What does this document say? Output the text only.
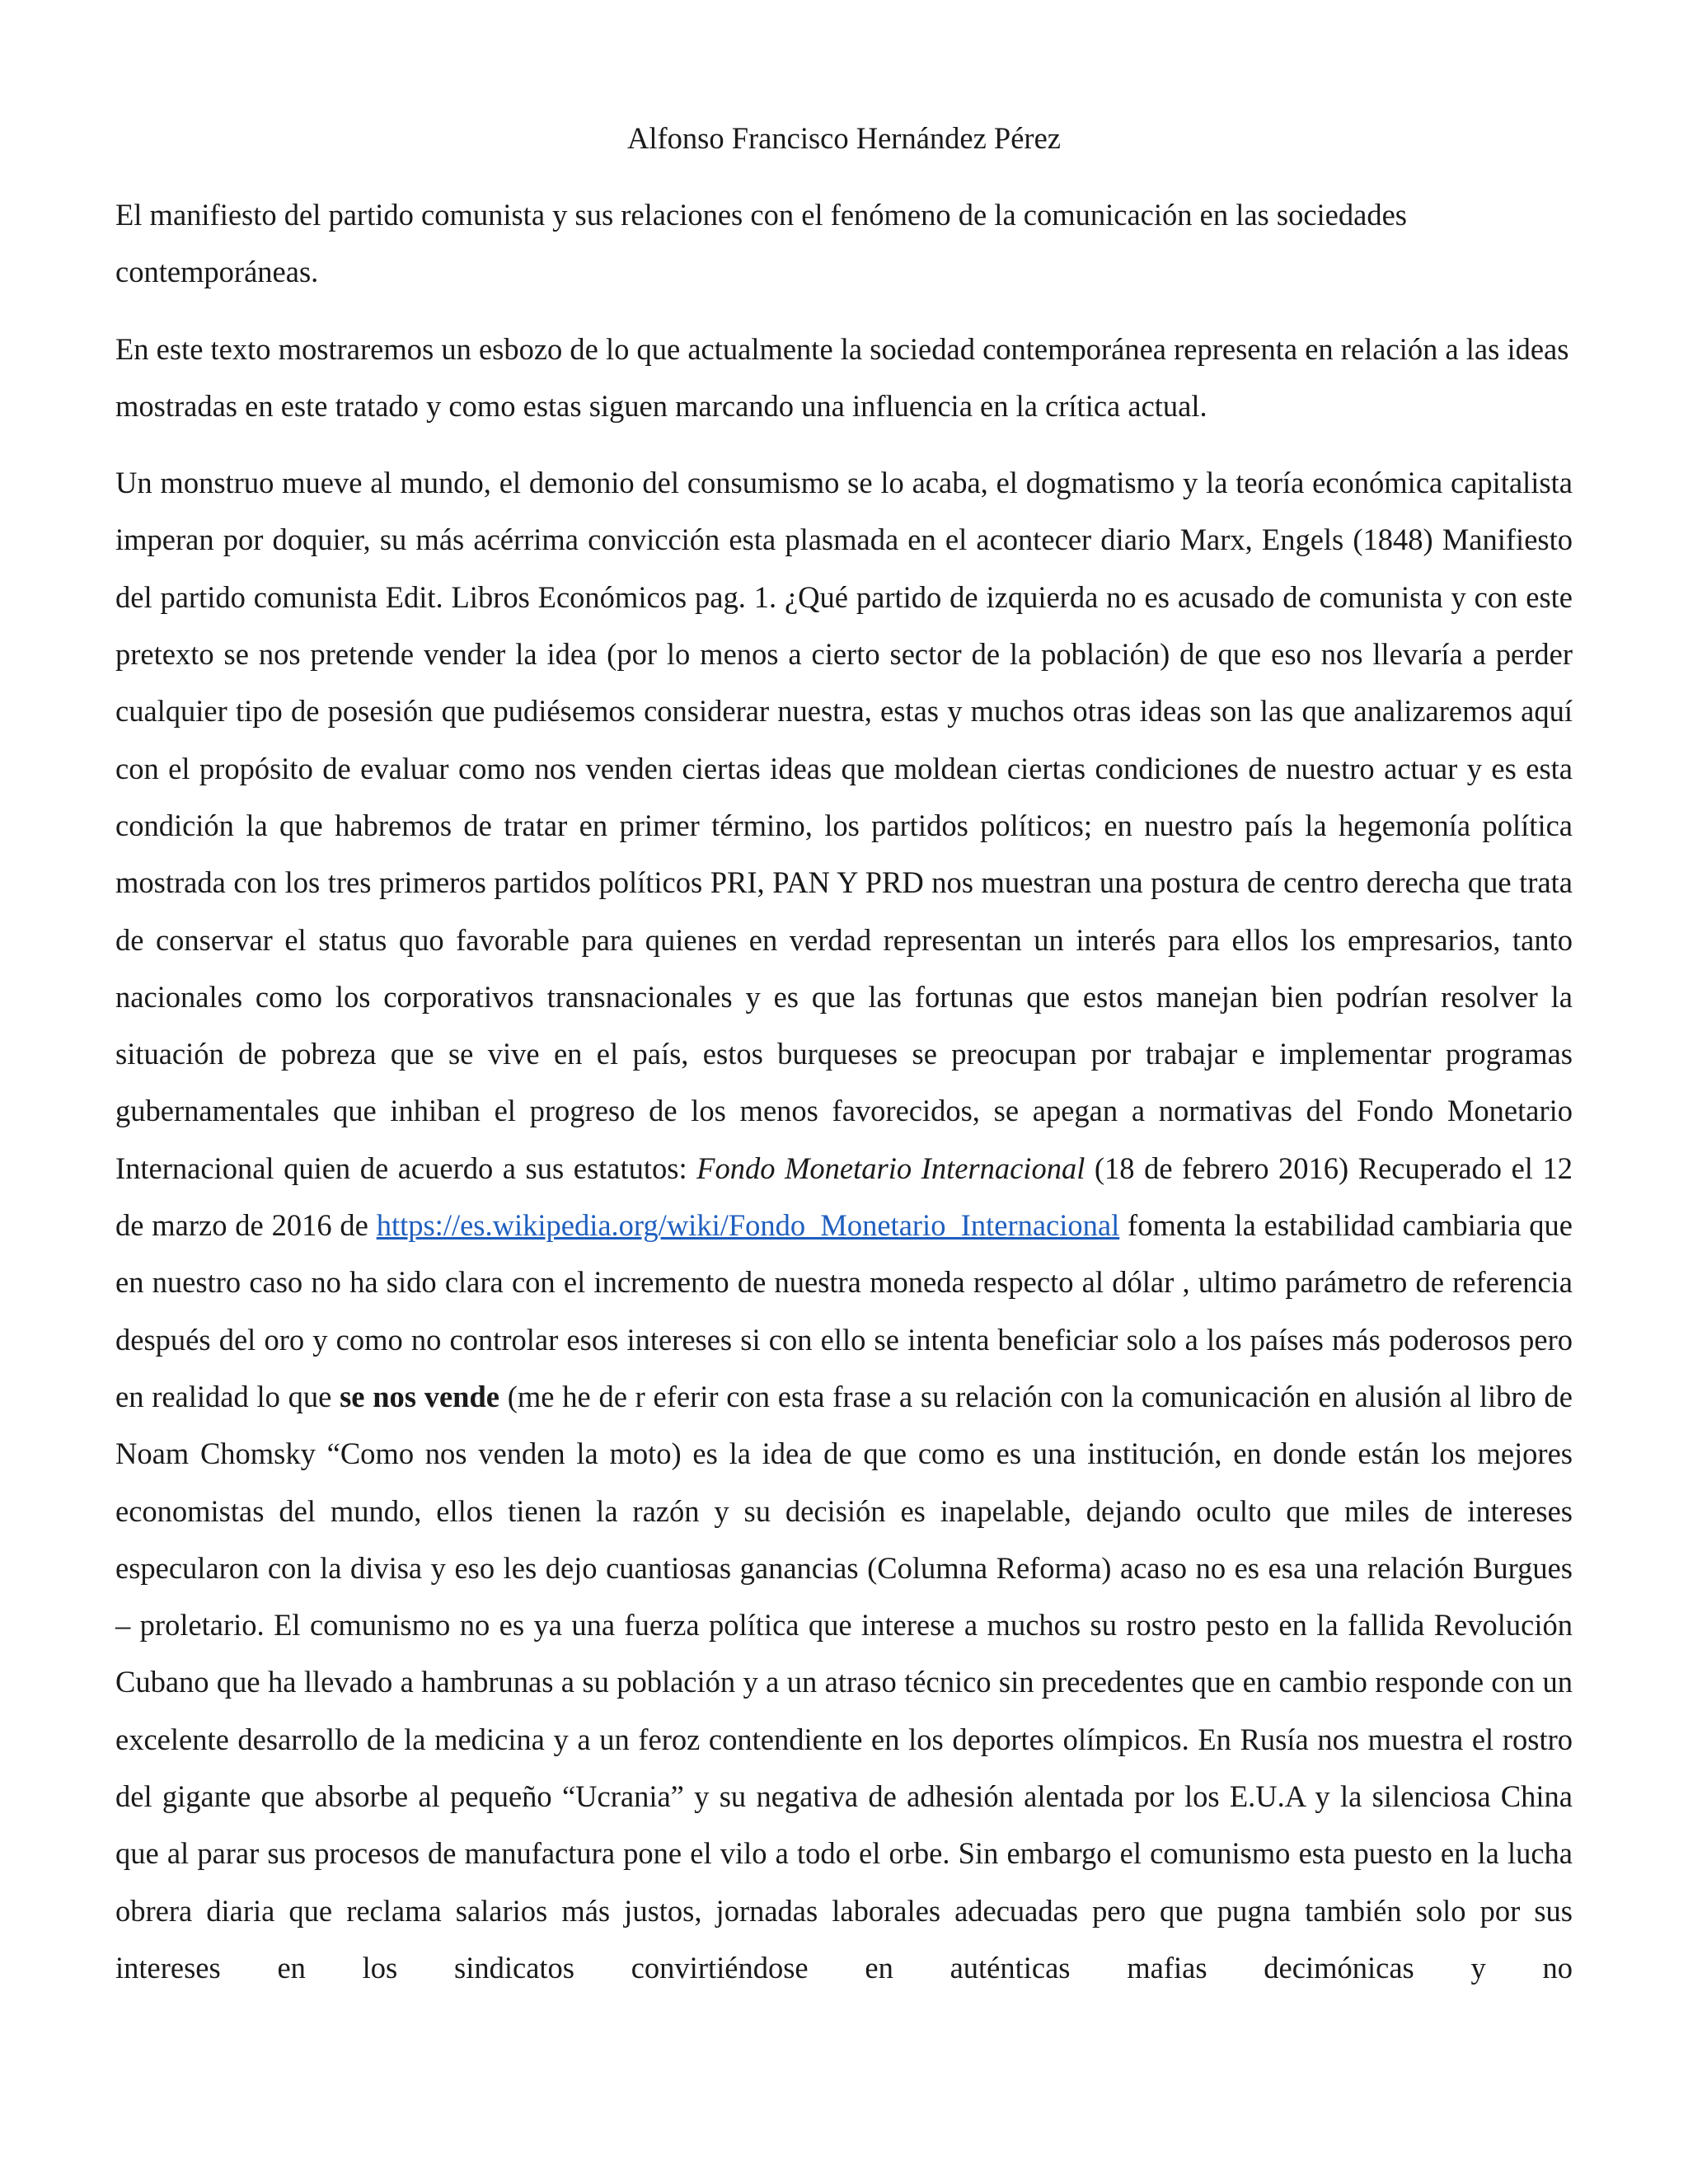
Alfonso Francisco Hernández Pérez

El manifiesto del partido comunista y sus relaciones con el fenómeno de la comunicación en las sociedades contemporáneas.

En este texto mostraremos un esbozo de lo que actualmente la sociedad contemporánea representa en relación a las ideas mostradas en este tratado y como estas siguen marcando una influencia en la crítica actual.

Un monstruo mueve al mundo, el demonio del consumismo se lo acaba, el dogmatismo y la teoría económica capitalista imperan por doquier, su más acérrima convicción esta plasmada en el acontecer diario Marx, Engels (1848) Manifiesto del partido comunista Edit. Libros Económicos pag. 1. ¿Qué partido de izquierda no es acusado de comunista y con este pretexto se nos pretende vender la idea (por lo menos a cierto sector de la población) de que eso nos llevaría a perder cualquier tipo de posesión que pudiésemos considerar nuestra, estas y muchos otras ideas son las que analizaremos aquí con el propósito de evaluar como nos venden ciertas ideas que moldean ciertas condiciones de nuestro actuar y es esta condición la que habremos de tratar en primer término, los partidos políticos; en nuestro país la hegemonía política mostrada con los tres primeros partidos políticos PRI, PAN Y PRD nos muestran una postura de centro derecha que trata de conservar el status quo favorable para quienes en verdad representan un interés para ellos los empresarios, tanto nacionales como los corporativos transnacionales y es que las fortunas que estos manejan bien podrían resolver la situación de pobreza que se vive en el país, estos burqueses se preocupan por trabajar e implementar programas gubernamentales que inhiban el progreso de los menos favorecidos, se apegan a normativas del Fondo Monetario Internacional quien de acuerdo a sus estatutos: Fondo Monetario Internacional (18 de febrero 2016) Recuperado el 12 de marzo de 2016 de https://es.wikipedia.org/wiki/Fondo_Monetario_Internacional fomenta la estabilidad cambiaria que en nuestro caso no ha sido clara con el incremento de nuestra moneda respecto al dólar , ultimo parámetro de referencia después del oro y como no controlar esos intereses si con ello se intenta beneficiar solo a los países más poderosos pero en realidad lo que se nos vende (me he de r eferir con esta frase a su relación con la comunicación en alusión al libro de Noam Chomsky “Como nos venden la moto) es la idea de que como es una institución, en donde están los mejores economistas del mundo, ellos tienen la razón y su decisión es inapelable, dejando oculto que miles de intereses especularon con la divisa y eso les dejo cuantiosas ganancias (Columna Reforma) acaso no es esa una relación Burgues – proletario. El comunismo no es ya una fuerza política que interese a muchos su rostro pesto en la fallida Revolución Cubano que ha llevado a hambrunas a su población y a un atraso técnico sin precedentes que en cambio responde con un excelente desarrollo de la medicina y a un feroz contendiente en los deportes olímpicos. En Rusía nos muestra el rostro del gigante que absorbe al pequeño “Ucrania” y su negativa de adhesión alentada por los E.U.A y la silenciosa China que al parar sus procesos de manufactura pone el vilo a todo el orbe. Sin embargo el comunismo esta puesto en la lucha obrera diaria que reclama salarios más justos, jornadas laborales adecuadas pero que pugna también solo por sus intereses en los sindicatos convirtiéndose en auténticas mafias decimónicas y no
